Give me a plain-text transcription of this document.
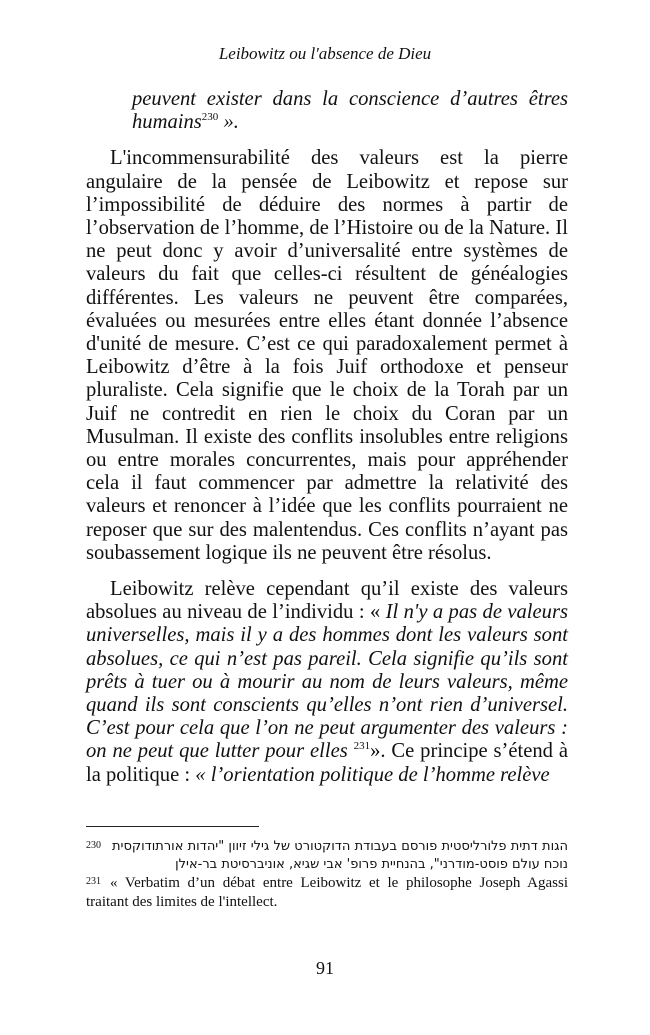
Leibowitz ou l'absence de Dieu

peuvent exister dans la conscience d’autres êtres humains$^{230}$ ».

L'incommensurabilité des valeurs est la pierre angulaire de la pensée de Leibowitz et repose sur l’impossibilité de déduire des normes à partir de l’observation de l’homme, de l’Histoire ou de la Nature. Il ne peut donc y avoir d’universalité entre systèmes de valeurs du fait que celles-ci résultent de généalogies différentes. Les valeurs ne peuvent être comparées, évaluées ou mesurées entre elles étant donnée l’absence d'unité de mesure. C’est ce qui paradoxalement permet à Leibowitz d’être à la fois Juif orthodoxe et penseur pluraliste. Cela signifie que le choix de la Torah par un Juif ne contredit en rien le choix du Coran par un Musulman. Il existe des conflits insolubles entre religions ou entre morales concurrentes, mais pour appréhender cela il faut commencer par admettre la relativité des valeurs et renoncer à l’idée que les conflits pourraient ne reposer que sur des malentendus. Ces conflits n’ayant pas soubassement logique ils ne peuvent être résolus.

Leibowitz relève cependant qu’il existe des valeurs absolues au niveau de l’individu : « Il n'y a pas de valeurs universelles, mais il y a des hommes dont les valeurs sont absolues, ce qui n’est pas pareil. Cela signifie qu’ils sont prêts à tuer ou à mourir au nom de leurs valeurs, même quand ils sont conscients qu’elles n’ont rien d’universel. C’est pour cela que l’on ne peut argumenter des valeurs : on ne peut que lutter pour elles $^{231}$». Ce principe s’étend à la politique : « l’orientation politique de l’homme relève

230 הגות דתית פלורליסטית פורסם בעבודת הדוקטורט של גילי זיוון "יהדות אורתודוקסית נוכח עולם פוסט-מודרני", בהנחיית פרופ' אבי שגיא, אוניברסיטת בר-אילן
231 « Verbatim d’un débat entre Leibowitz et le philosophe Joseph Agassi traitant des limites de l'intellect.
91
